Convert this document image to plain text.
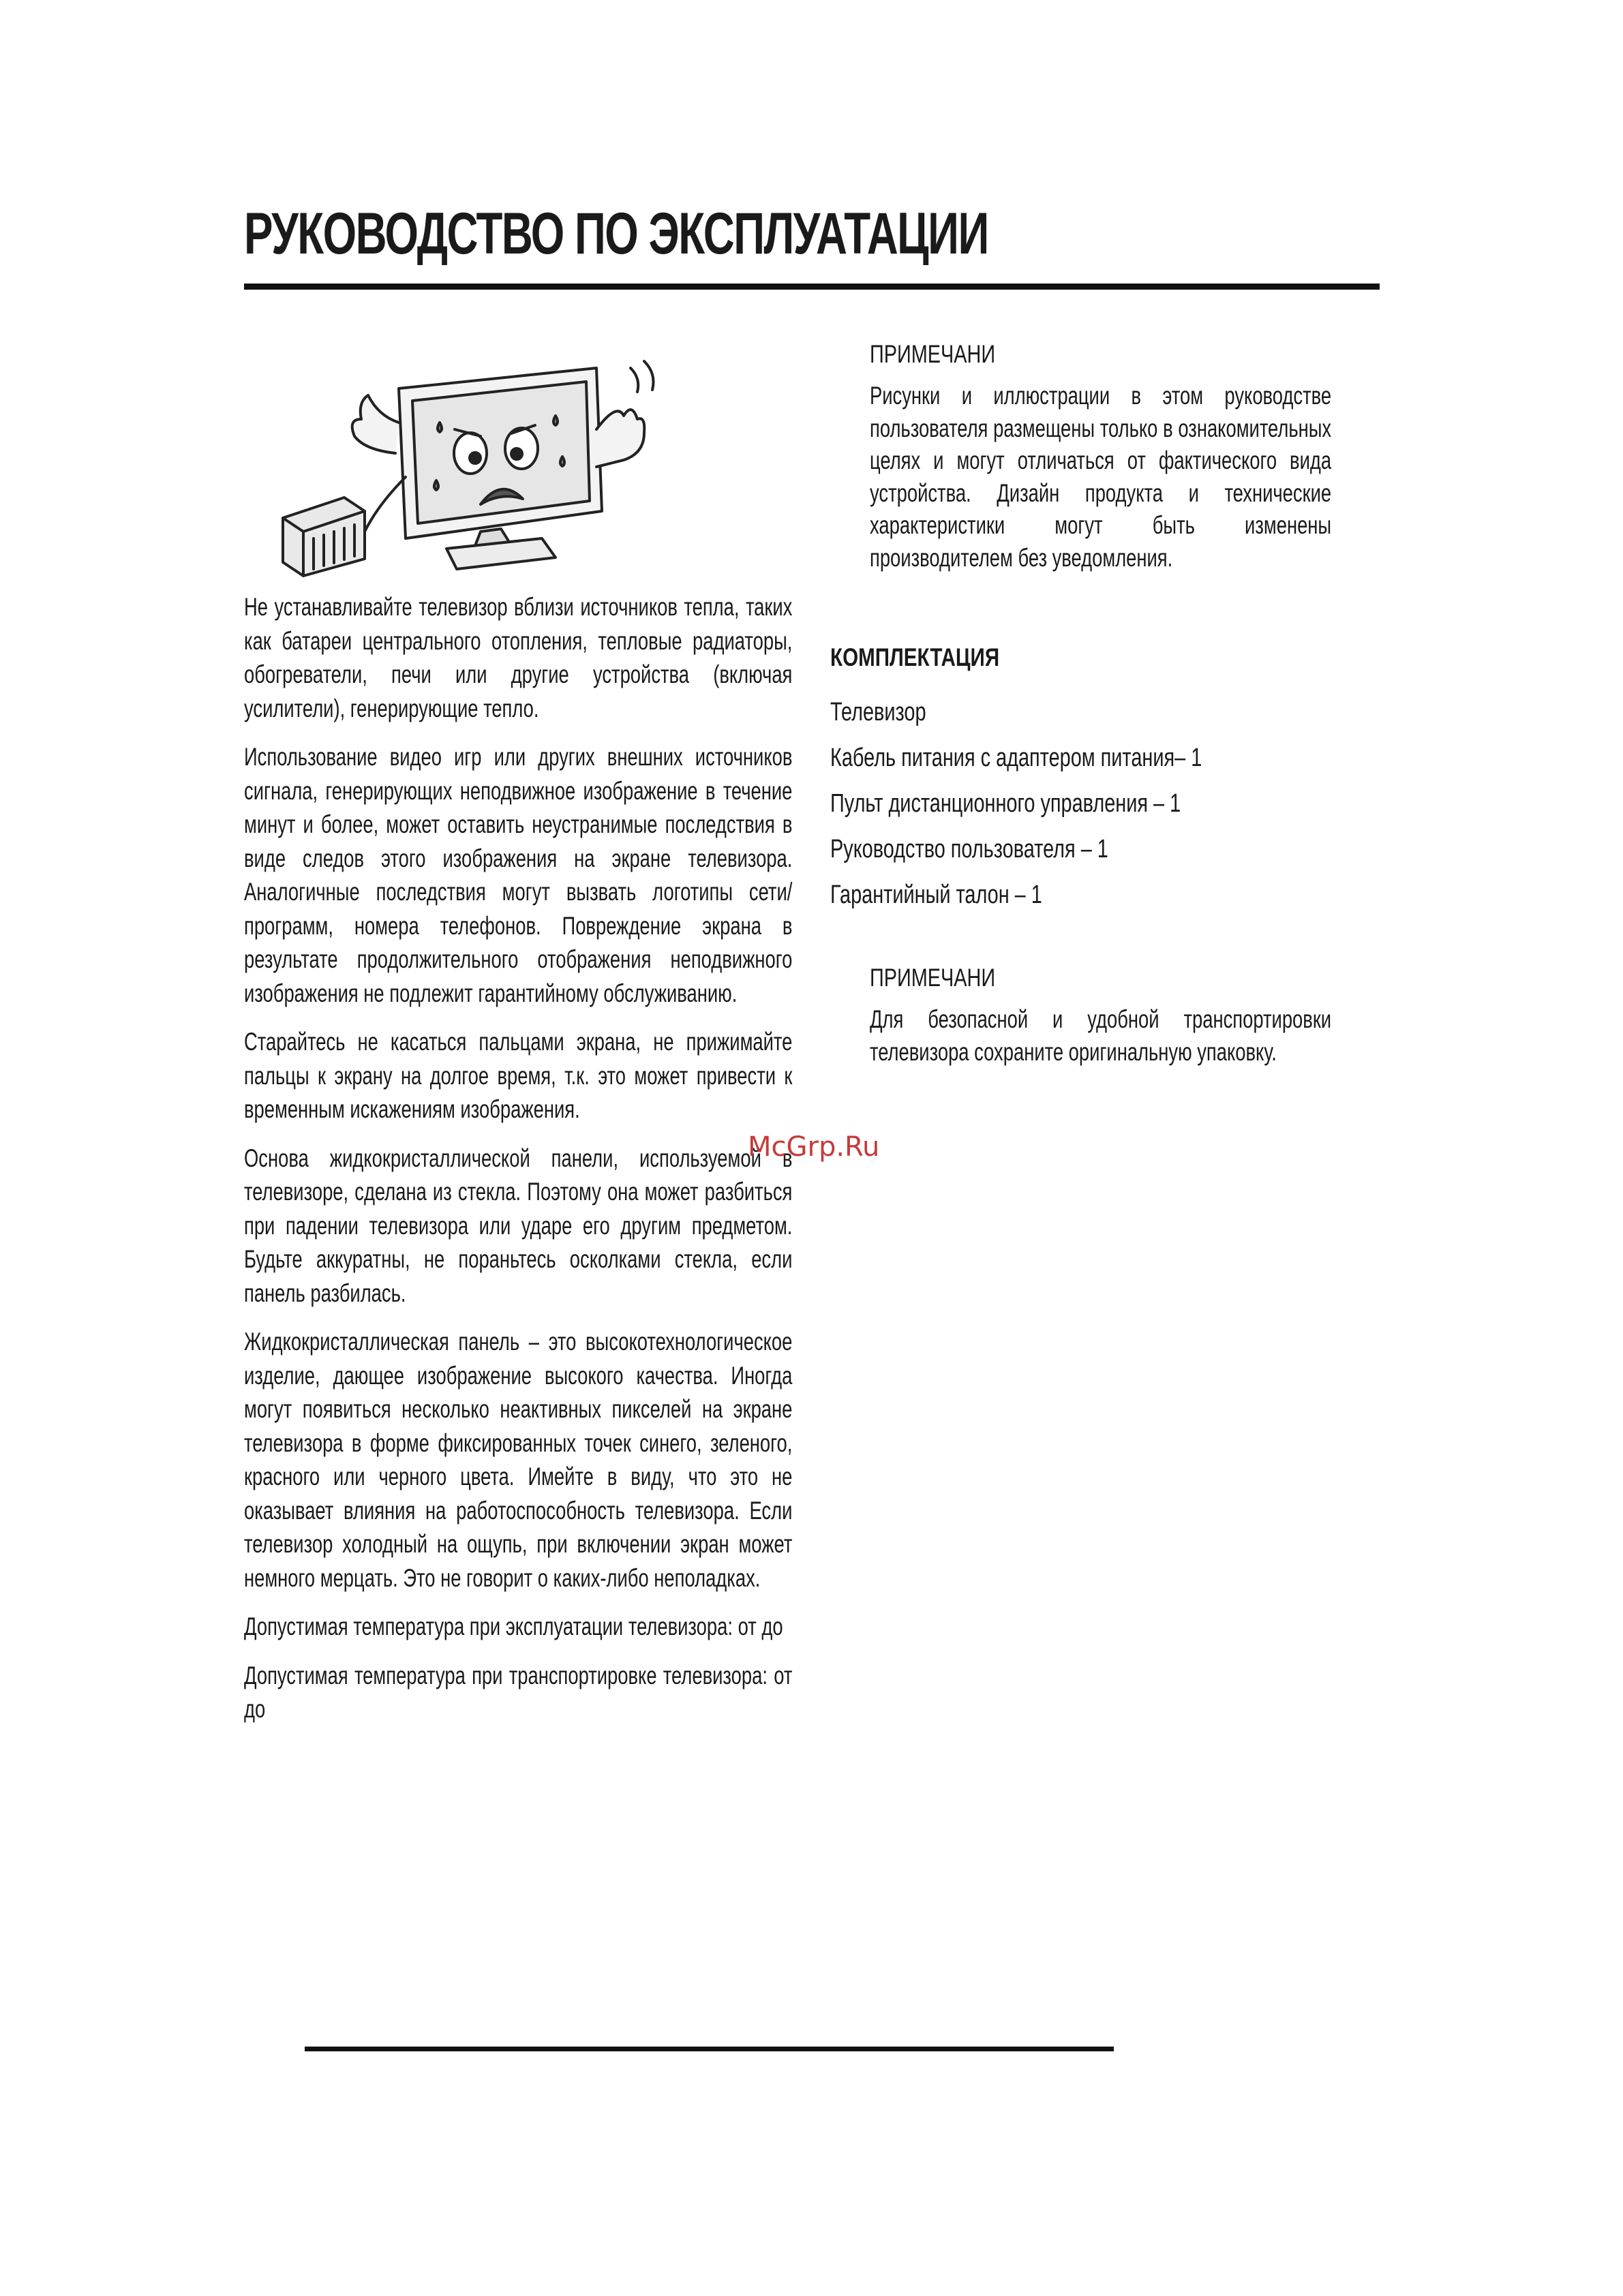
РУКОВОДСТВО ПО ЭКСПЛУАТАЦИИ

Не устанавливайте телевизор вблизи источников тепла, таких как батареи центрального отопления, тепловые радиаторы, обогреватели, печи или другие устройства (включая усилители), генерирующие тепло.

Использование видео игр или других внешних источников сигнала, генерирующих неподвижное изображение в течение минут и более, может оставить неустранимые последствия в виде следов этого изображения на экране телевизора. Аналогичные последствия могут вызвать логотипы сети/программ, номера телефонов. Повреждение экрана в результате продолжительного отображения неподвижного изображения не подлежит гарантийному обслуживанию.

Старайтесь не касаться пальцами экрана, не прижимайте пальцы к экрану на долгое время, т.к. это может привести к временным искажениям изображения.

Основа жидкокристаллической панели, используемой в телевизоре, сделана из стекла. Поэтому она может разбиться при падении телевизора или ударе его другим предметом. Будьте аккуратны, не пораньтесь осколками стекла, если панель разбилась.

Жидкокристаллическая панель – это высокотехнологическое изделие, дающее изображение высокого качества. Иногда могут появиться несколько неактивных пикселей на экране телевизора в форме фиксированных точек синего, зеленого, красного или черного цвета. Имейте в виду, что это не оказывает влияния на работоспособность телевизора. Если телевизор холодный на ощупь, при включении экран может немного мерцать. Это не говорит о каких-либо неполадках.

Допустимая температура при эксплуатации телевизора: от до

Допустимая температура при транспортировке телевизора: от до

ПРИМЕЧАНИ

Рисунки и иллюстрации в этом руководстве пользователя размещены только в ознакомительных целях и могут отличаться от фактического вида устройства. Дизайн продукта и технические характеристики могут быть изменены производителем без уведомления.

КОМПЛЕКТАЦИЯ
Телевизор
Кабель питания с адаптером питания– 1
Пульт дистанционного управления – 1
Руководство пользователя – 1
Гарантийный талон – 1
ПРИМЕЧАНИ

Для безопасной и удобной транспортировки телевизора сохраните оригинальную упаковку.

McGrp.Ru
